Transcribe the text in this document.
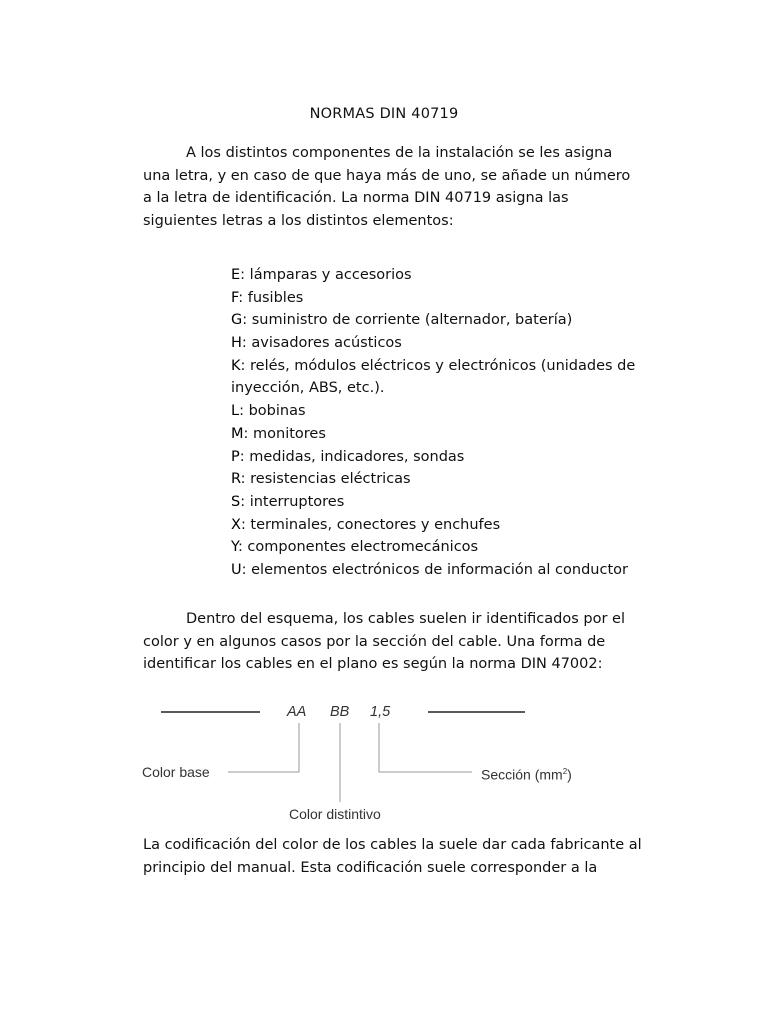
NORMAS DIN 40719
A los distintos componentes de la instalación se les asigna
una letra, y en caso de que haya más de uno, se añade un número
a la letra de identificación. La norma DIN 40719 asigna las
siguientes letras a los distintos elementos:
E: lámparas y accesorios
F: fusibles
G: suministro de corriente (alternador, batería)
H: avisadores acústicos
K: relés, módulos eléctricos y electrónicos (unidades de
inyección, ABS, etc.).
L: bobinas
M: monitores
P: medidas, indicadores, sondas
R: resistencias eléctricas
S: interruptores
X: terminales, conectores y enchufes
Y: componentes electromecánicos
U: elementos electrónicos de información al conductor
Dentro del esquema, los cables suelen ir identificados por el
color y en algunos casos por la sección del cable. Una forma de
identificar los cables en el plano es según la norma DIN 47002:
AA BB 1,5
Color base	Sección $(mm^2)$
Color distintivo
La codificación del color de los cables la suele dar cada fabricante al
principio del manual. Esta codificación suele corresponder a la
